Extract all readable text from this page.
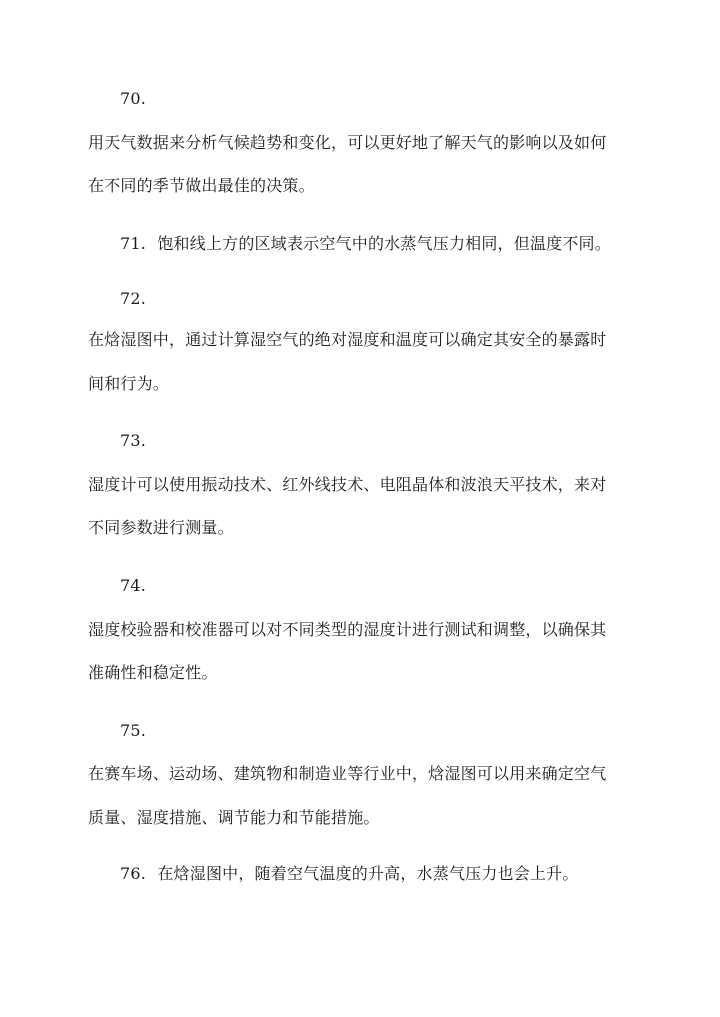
70.
用天气数据来分析气候趋势和变化，可以更好地了解天气的影响以及如何
在不同的季节做出最佳的决策。
71. 饱和线上方的区域表示空气中的水蒸气压力相同，但温度不同。
72.
在焓湿图中，通过计算湿空气的绝对湿度和温度可以确定其安全的暴露时
间和行为。
73.
湿度计可以使用振动技术、红外线技术、电阻晶体和波浪天平技术，来对
不同参数进行测量。
74.
湿度校验器和校准器可以对不同类型的湿度计进行测试和调整，以确保其
准确性和稳定性。
75.
在赛车场、运动场、建筑物和制造业等行业中，焓湿图可以用来确定空气
质量、湿度措施、调节能力和节能措施。
76. 在焓湿图中，随着空气温度的升高，水蒸气压力也会上升。
